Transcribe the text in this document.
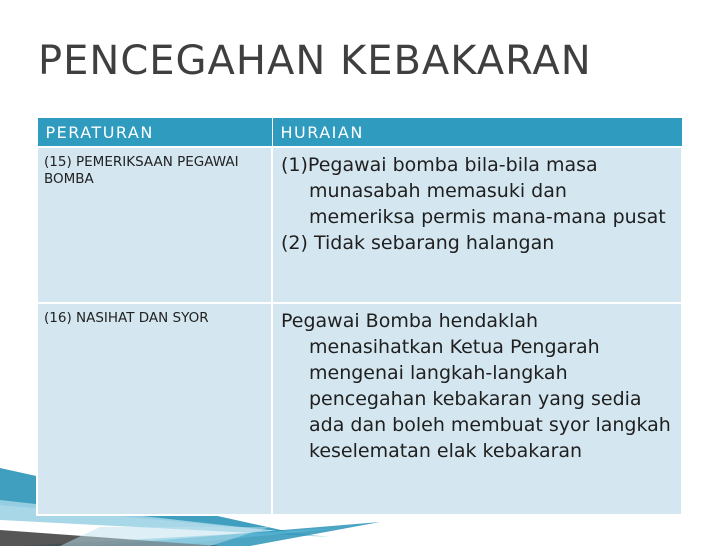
PENCEGAHAN KEBAKARAN
PERATURAN	HURAIAN
(15) PEMERIKSAAN PEGAWAI BOMBA	(1)Pegawai bomba bila-bila masa munasabah memasuki dan memeriksa permis mana-mana pusat
(2) Tidak sebarang halangan

(16) NASIHAT DAN SYOR	Pegawai Bomba hendaklah menasihatkan Ketua Pengarah mengenai langkah-langkah pencegahan kebakaran yang sedia ada dan boleh membuat syor langkah keselematan elak kebakaran
